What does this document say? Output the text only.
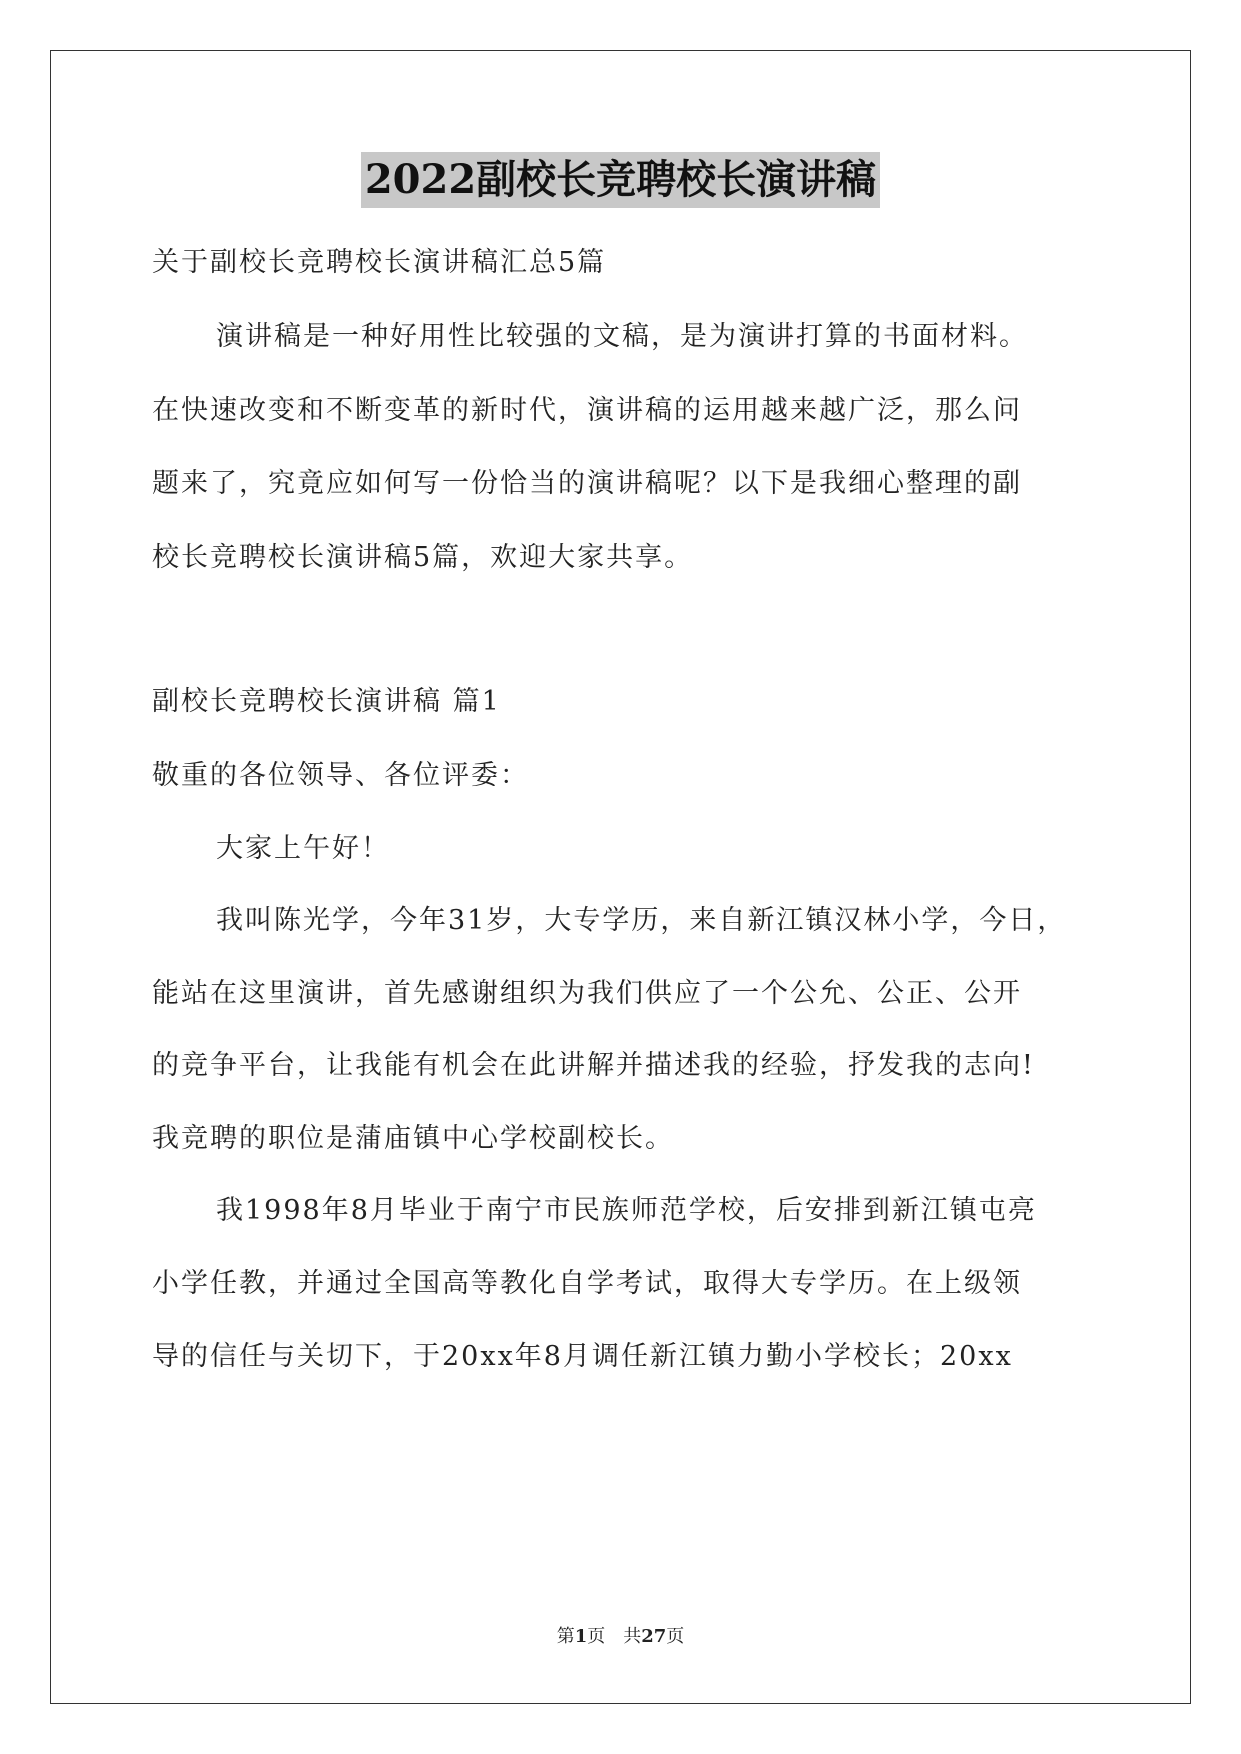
2022副校长竞聘校长演讲稿
关于副校长竞聘校长演讲稿汇总5篇
演讲稿是一种好用性比较强的文稿，是为演讲打算的书面材料。
在快速改变和不断变革的新时代，演讲稿的运用越来越广泛，那么问
题来了，究竟应如何写一份恰当的演讲稿呢？以下是我细心整理的副
校长竞聘校长演讲稿5篇，欢迎大家共享。
副校长竞聘校长演讲稿 篇1
敬重的各位领导、各位评委：
大家上午好！
我叫陈光学，今年31岁，大专学历，来自新江镇汉林小学，今日，
能站在这里演讲，首先感谢组织为我们供应了一个公允、公正、公开
的竞争平台，让我能有机会在此讲解并描述我的经验，抒发我的志向!
我竞聘的职位是蒲庙镇中心学校副校长。
我1998年8月毕业于南宁市民族师范学校，后安排到新江镇屯亮
小学任教，并通过全国高等教化自学考试，取得大专学历。在上级领
导的信任与关切下，于20xx年8月调任新江镇力勤小学校长；20xx
第1页　共27页
